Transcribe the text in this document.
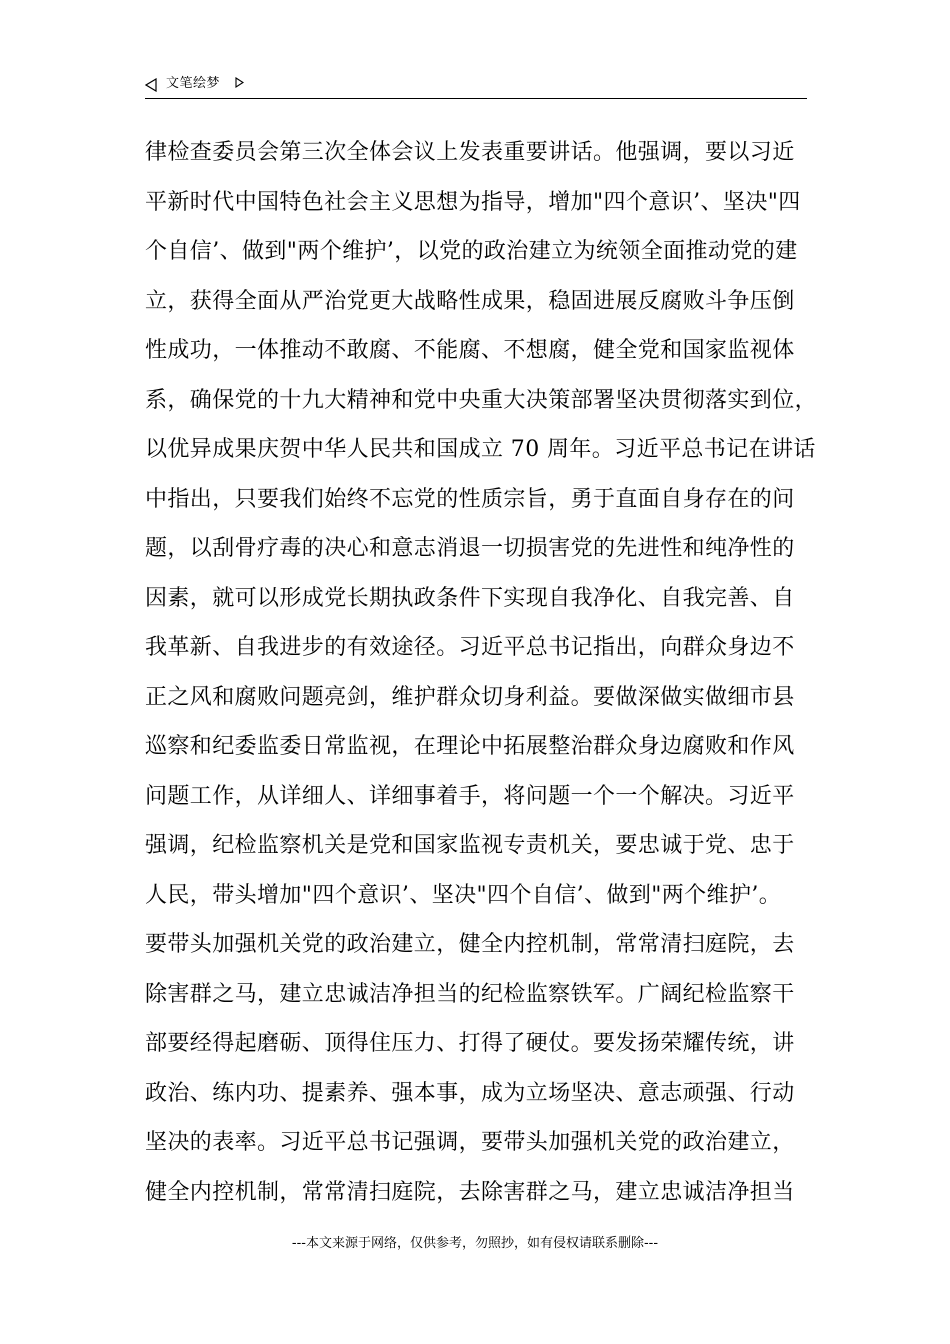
文笔绘梦
律检查委员会第三次全体会议上发表重要讲话。他强调，要以习近
平新时代中国特色社会主义思想为指导，增加"四个意识’、坚决"四
个自信’、做到"两个维护’，以党的政治建立为统领全面推动党的建
立，获得全面从严治党更大战略性成果，稳固进展反腐败斗争压倒
性成功，一体推动不敢腐、不能腐、不想腐，健全党和国家监视体
系，确保党的十九大精神和党中央重大决策部署坚决贯彻落实到位，
以优异成果庆贺中华人民共和国成立 70 周年。习近平总书记在讲话
中指出，只要我们始终不忘党的性质宗旨，勇于直面自身存在的问
题，以刮骨疗毒的决心和意志消退一切损害党的先进性和纯净性的
因素，就可以形成党长期执政条件下实现自我净化、自我完善、自
我革新、自我进步的有效途径。习近平总书记指出，向群众身边不
正之风和腐败问题亮剑，维护群众切身利益。要做深做实做细市县
巡察和纪委监委日常监视，在理论中拓展整治群众身边腐败和作风
问题工作，从详细人、详细事着手，将问题一个一个解决。习近平
强调，纪检监察机关是党和国家监视专责机关，要忠诚于党、忠于
人民，带头增加"四个意识’、坚决"四个自信’、做到"两个维护’。
要带头加强机关党的政治建立，健全内控机制，常常清扫庭院，去
除害群之马，建立忠诚洁净担当的纪检监察铁军。广阔纪检监察干
部要经得起磨砺、顶得住压力、打得了硬仗。要发扬荣耀传统，讲
政治、练内功、提素养、强本事，成为立场坚决、意志顽强、行动
坚决的表率。习近平总书记强调，要带头加强机关党的政治建立，
健全内控机制，常常清扫庭院，去除害群之马，建立忠诚洁净担当
---本文来源于网络，仅供参考，勿照抄，如有侵权请联系删除---
